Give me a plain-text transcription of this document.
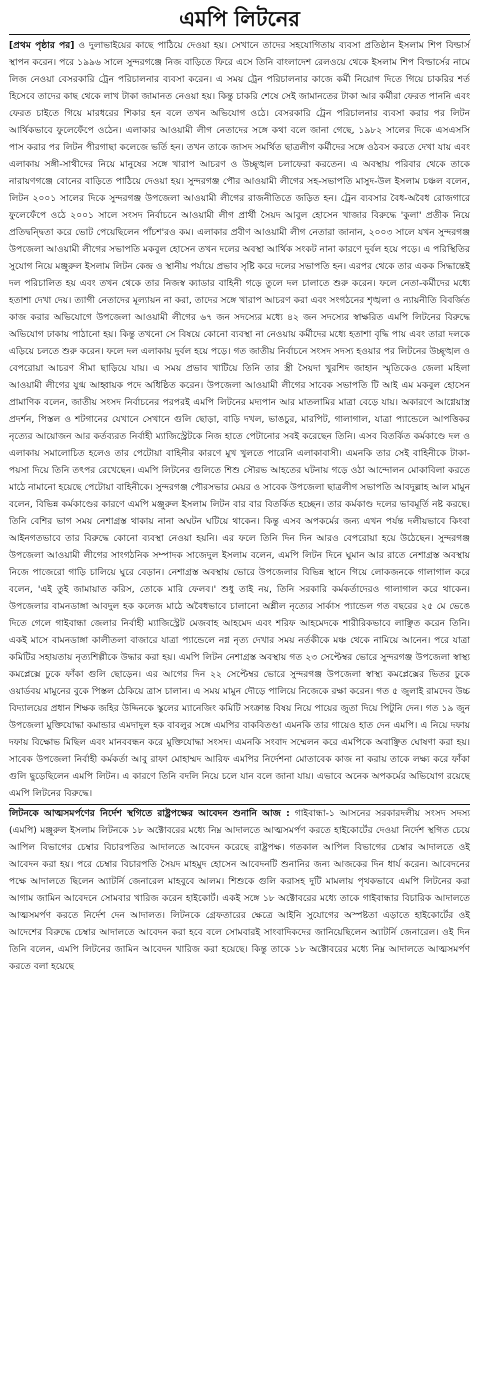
এমপি লিটনের

[প্রথম পৃষ্ঠার পর] ও দুলাভাইয়ের কাছে পাঠিয়ে দেওয়া হয়। সেখানে তাদের সহযোগিতায় ব্যবসা প্রতিষ্ঠান ইসলাম শিপ বিল্ডার্স স্থাপন করেন। পরে ১৯৯৬ সালে সুন্দরগঞ্জে নিজ বাড়িতে ফিরে এসে তিনি বাংলাদেশ রেলওয়ে থেকে ইসলাম শিপ বিল্ডার্সের নামে লিজ নেওয়া বেসরকারি ট্রেন পরিচালনার ব্যবসা করেন। এ সময় ট্রেন পরিচালনার কাজে কর্মী নিয়োগ দিতে গিয়ে চাকরির শর্ত হিসেবে তাদের কাছ থেকে লাখ টাকা জামানত নেওয়া হয়। কিন্তু চাকরি শেষে সেই জামানতের টাকা আর কর্মীরা ফেরত পাননি এবং ফেরত চাইতে গিয়ে মারধরের শিকার হন বলে তখন অভিযোগ ওঠে। বেসরকারি ট্রেন পরিচালনার ব্যবসা করার পর লিটন আর্থিকভাবে ফুলেফেঁপে ওঠেন। এলাকার আওয়ামী লীগ নেতাদের সঙ্গে কথা বলে জানা গেছে, ১৯৮২ সালের দিকে এসএসসি পাস করার পর লিটন পীরগাছা কলেজে ভর্তি হন। তখন তাকে জাসদ সমর্থিত ছাত্রলীগ কর্মীদের সঙ্গে ওঠবস করতে দেখা যায় এবং এলাকায় সঙ্গী-সাথীদের নিয়ে মানুষের সঙ্গে খারাপ আচরণ ও উচ্ছৃঙ্খল চলাফেরা করতেন। এ অবস্থায় পরিবার থেকে তাকে নারায়ণগঞ্জে বোনের বাড়িতে পাঠিয়ে দেওয়া হয়। সুন্দরগঞ্জ পৌর আওয়ামী লীগের সহ-সভাপতি মাসুদ-উল ইসলাম চঞ্চল বলেন, লিটন ২০০১ সালের দিকে সুন্দরগঞ্জ উপজেলা আওয়ামী লীগের রাজনীতিতে জড়িত হন। ট্রেন ব্যবসার বৈধ-অবৈধ রোজগারে ফুলেফেঁপে ওঠে ২০০১ সালে সংসদ নির্বাচনে আওয়ামী লীগ প্রার্থী সৈয়দ আবুল হোসেন খাজার বিরুদ্ধে 'কুলা' প্রতীক নিয়ে প্রতিদ্বন্দ্বিতা করে ভোট পেয়েছিলেন পাঁচশ'রও কম। এলাকার প্রবীণ আওয়ামী লীগ নেতারা জানান, ২০০৩ সালে যখন সুন্দরগঞ্জ উপজেলা আওয়ামী লীগের সভাপতি মকবুল হোসেন তখন দলের অবস্থা আর্থিক সংকট নানা কারণে দুর্বল হয়ে পড়ে। এ পরিস্থিতির সুযোগ নিয়ে মঞ্জুরুল ইসলাম লিটন কেন্দ্র ও স্থানীয় পর্যায়ে প্রভাব সৃষ্টি করে দলের সভাপতি হন। এরপর থেকে তার একক সিদ্ধান্তেই দল পরিচালিত হয় এবং তখন থেকে তার নিজস্ব ক্যাডার বাহিনী গড়ে তুলে দল চালাতে শুরু করেন। ফলে নেতা-কর্মীদের মধ্যে হতাশা দেখা দেয়। ত্যাগী নেতাদের মূল্যায়ন না করা, তাদের সঙ্গে খারাপ আচরণ করা এবং সংগঠনের শৃঙ্খলা ও ন্যায়নীতি বিবর্জিত কাজ করার অভিযোগে উপজেলা আওয়ামী লীগের ৬৭ জন সদস্যের মধ্যে ৪২ জন সদস্যের স্বাক্ষরিত এমপি লিটনের বিরুদ্ধে অভিযোগ ঢাকায় পাঠানো হয়। কিন্তু তখনো সে বিষয়ে কোনো ব্যবস্থা না নেওয়ায় কর্মীদের মধ্যে হতাশা বৃদ্ধি পায় এবং তারা দলকে এড়িয়ে চলতে শুরু করেন। ফলে দল এলাকায় দুর্বল হয়ে পড়ে। গত জাতীয় নির্বাচনে সংসদ সদস্য হওয়ার পর লিটনের উচ্ছৃঙ্খল ও বেপরোয়া আচরণ সীমা ছাড়িয়ে যায়। এ সময় প্রভাব খাটিয়ে তিনি তার স্ত্রী সৈয়দা খুরশিদ জাহান স্মৃতিকেও জেলা মহিলা আওয়ামী লীগের যুগ্ম আহ্বায়ক পদে অধিষ্ঠিত করেন। উপজেলা আওয়ামী লীগের সাবেক সভাপতি টি আই এম মকবুল হোসেন প্রামাণিক বলেন, জাতীয় সংসদ নির্বাচনের পরপরই এমপি লিটনের মদ্যপান আর মাতলামির মাত্রা বেড়ে যায়। অকারণে আগ্নেয়াস্ত্র প্রদর্শন, পিস্তল ও শটগানের যেখানে সেখানে গুলি ছোড়া, বাড়ি দখল, ভাঙচুর, মারপিট, গালাগাল, যাত্রা প্যান্ডেলে আপত্তিকর নৃত্যের আয়োজন আর কর্তব্যরত নির্বাহী ম্যাজিস্ট্রেটকে নিজ হাতে পেটানোর সবই করেছেন তিনি। এসব বিতর্কিত কর্মকাণ্ডে দল ও এলাকায় সমালোচিত হলেও তার পেটোয়া বাহিনীর কারণে মুখ খুলতে পারেনি এলাকাবাসী। এমনকি তার সেই বাহিনীকে টাকা-পয়সা দিয়ে তিনি তৎপর রেখেছেন। এমপি লিটনের গুলিতে শিশু সৌরভ আহতের ঘটনায় গড়ে ওঠা আন্দোলন মোকাবিলা করতে মাঠে নামানো হয়েছে পেটোয়া বাহিনীকে। সুন্দরগঞ্জ পৌরসভার মেয়র ও সাবেক উপজেলা ছাত্রলীগ সভাপতি আবদুল্লাহ আল মামুন বলেন, বিভিন্ন কর্মকাণ্ডের কারণে এমপি মঞ্জুরুল ইসলাম লিটন বার বার বিতর্কিত হচ্ছেন। তার কর্মকাণ্ড দলের ভাবমূর্তি নষ্ট করছে। তিনি বেশির ভাগ সময় নেশাগ্রস্ত থাকায় নানা অঘটন ঘটিয়ে থাকেন। কিন্তু এসব অপকর্মের জন্য এখন পর্যন্ত দলীয়ভাবে কিংবা আইনগতভাবে তার বিরুদ্ধে কোনো ব্যবস্থা নেওয়া হয়নি। এর ফলে তিনি দিন দিন আরও বেপরোয়া হয়ে উঠেছেন। সুন্দরগঞ্জ উপজেলা আওয়ামী লীগের সাংগঠনিক সম্পাদক সাজেদুল ইসলাম বলেন, এমপি লিটন দিনে ঘুমান আর রাতে নেশাগ্রস্ত অবস্থায় নিজে পাজেরো গাড়ি চালিয়ে ঘুরে বেড়ান। নেশাগ্রস্ত অবস্থায় ভোরে উপজেলার বিভিন্ন স্থানে গিয়ে লোকজনকে গালাগাল করে বলেন, 'এই তুই জামায়াত করিস, তোকে মারি ফেলব।' শুধু তাই নয়, তিনি সরকারি কর্মকর্তাদেরও গালাগাল করে থাকেন। উপজেলার বামনডাঙ্গা আবদুল হক কলেজ মাঠে অবৈধভাবে চালানো অশ্লীল নৃত্যের সার্কাস প্যান্ডেল গত বছরের ২৫ মে ভেঙে দিতে গেলে গাইবান্ধা জেলার নির্বাহী ম্যাজিস্ট্রেট মেজবাহ আহমেদ এবং শরিফ আহমেদকে শারীরিকভাবে লাঞ্ছিত করেন তিনি। একই মাসে বামনডাঙ্গা কালীতলা বাজারে যাত্রা প্যান্ডেলে নগ্ন নৃত্য দেখার সময় নর্তকীকে মঞ্চ থেকে নামিয়ে আনেন। পরে যাত্রা কমিটির সহায়তায় নৃত্যশিল্পীকে উদ্ধার করা হয়। এমপি লিটন নেশাগ্রস্ত অবস্থায় গত ২৩ সেপ্টেম্বর ভোরে সুন্দরগঞ্জ উপজেলা স্বাস্থ্য কমপ্লেক্সে ঢুকে ফাঁকা গুলি ছোড়েন। এর আগের দিন ২২ সেপ্টেম্বর ভোরে সুন্দরগঞ্জ উপজেলা স্বাস্থ্য কমপ্লেক্সের ভিতর ঢুকে ওয়ার্ডবয় মামুনের বুকে পিস্তল ঠেকিয়ে ত্রাস চালান। এ সময় মামুন দৌড়ে পালিয়ে নিজেকে রক্ষা করেন। গত ৫ জুলাই রামদেব উচ্চ বিদ্যালয়ের প্রধান শিক্ষক জহির উদ্দিনকে স্কুলের ম্যানেজিং কমিটি সংক্রান্ত বিষয় নিয়ে পায়ের জুতা দিয়ে পিটুনি দেন। গত ১৯ জুন উপজেলা মুক্তিযোদ্ধা কমান্ডার এমদাদুল হক বাবলুর সঙ্গে এমপির বাকবিতণ্ডা এমনকি তার গায়েও হাত দেন এমপি। এ নিয়ে দফায় দফায় বিক্ষোভ মিছিল এবং মানববন্ধন করে মুক্তিযোদ্ধা সংসদ। এমনকি সংবাদ সম্মেলন করে এমপিকে অবাঞ্ছিত ঘোষণা করা হয়। সাবেক উপজেলা নির্বাহী কর্মকর্তা আবু রাফা মোহাম্মদ আরিফ এমপির নির্দেশনা মোতাবেক কাজ না করায় তাকে লক্ষ্য করে ফাঁকা গুলি ছুড়েছিলেন এমপি লিটন। এ কারণে তিনি বদলি নিয়ে চলে যান বলে জানা যায়। এভাবে অনেক অপকর্মের অভিযোগ রয়েছে এমপি লিটনের বিরুদ্ধে।

লিটনকে আত্মসমর্পণের নির্দেশ স্থগিতে রাষ্ট্রপক্ষের আবেদন শুনানি আজ : গাইবান্ধা-১ আসনের সরকারদলীয় সংসদ সদস্য (এমপি) মঞ্জুরুল ইসলাম লিটনকে ১৮ অক্টোবরের মধ্যে নিম্ন আদালতে আত্মসমর্পণ করতে হাইকোর্টের দেওয়া নির্দেশ স্থগিত চেয়ে আপিল বিভাগের চেম্বার বিচারপতির আদালতে আবেদন করেছে রাষ্ট্রপক্ষ। গতকাল আপিল বিভাগের চেম্বার আদালতে ওই আবেদন করা হয়। পরে চেম্বার বিচারপতি সৈয়দ মাহমুদ হোসেন আবেদনটি শুনানির জন্য আজকের দিন ধার্য করেন। আবেদনের পক্ষে আদালতে ছিলেন অ্যাটর্নি জেনারেল মাহবুবে আলম। শিশুকে গুলি করাসহ দুটি মামলায় পৃথকভাবে এমপি লিটনের করা আগাম জামিন আবেদনে সোমবার খারিজ করেন হাইকোর্ট। একই সঙ্গে ১৮ অক্টোবরের মধ্যে তাকে গাইবান্ধার বিচারিক আদালতে আত্মসমর্পণ করতে নির্দেশ দেন আদালত। লিটনকে গ্রেফতারের ক্ষেত্রে আইনি সুযোগের অস্পষ্টতা এড়াতে হাইকোর্টের ওই আদেশের বিরুদ্ধে চেম্বার আদালতে আবেদন করা হবে বলে সোমবারই সাংবাদিকদের জানিয়েছিলেন অ্যাটর্নি জেনারেল। ওই দিন তিনি বলেন, এমপি লিটনের জামিন আবেদন খারিজ করা হয়েছে। কিন্তু তাকে ১৮ অক্টোবরের মধ্যে নিম্ন আদালতে আত্মসমর্পণ করতে বলা হয়েছে
